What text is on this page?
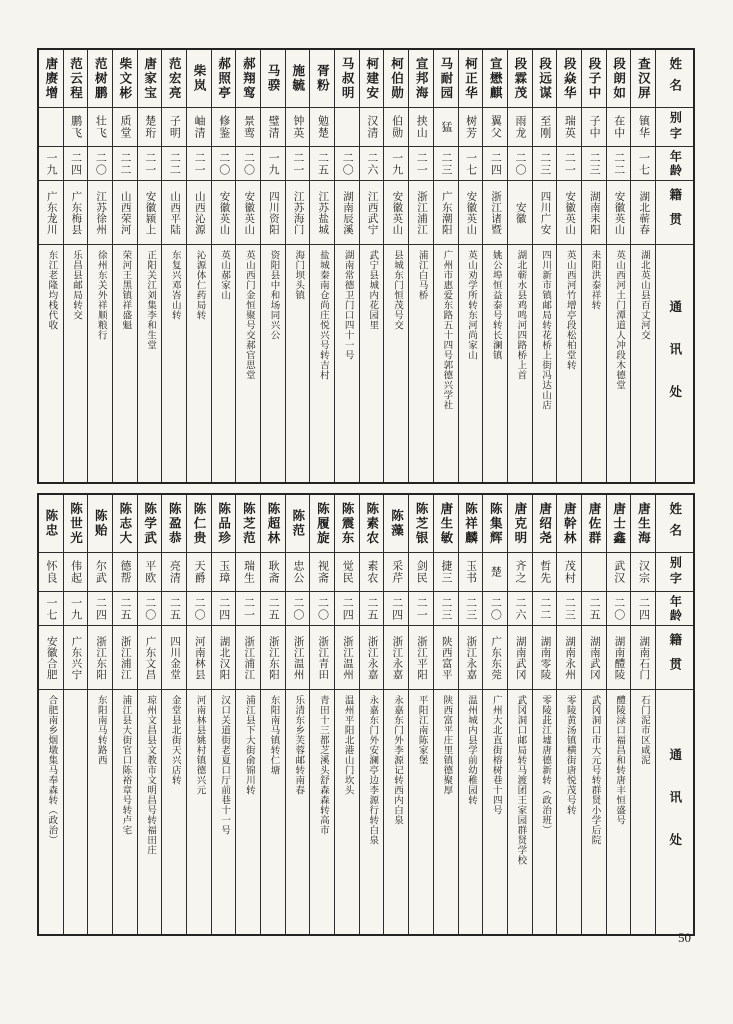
姓名
别字
年龄
籍贯
通讯处
查汉屏
镇华
一七
湖北蕲春
湖北英山县百丈河交
段朗如
在中
二二
安徽英山
英山西河土门潭道人冲段木德堂
段子中
子中
二三
湖南耒阳
耒阳洪泰祥转
段焱华
瑞英
二一
安徽英山
英山西河竹增亭段松柏堂转
段远谋
至刚
二三
四川广安
四川新市镇邮局转花桥上街冯达山店
段霖茂
雨龙
二〇
安徽
湖北蕲水县鸡鸣河四路桥上首
宣懋麒
翼父
二四
浙江诸暨
姚公埠恒益泰号转长澜镇
柯正华
树芳
一七
安徽英山
英山劝学所转东河尚家山
马耐园
猛
二三
广东潮阳
广州市惠爱东路五十四号郭德兴学社
宣邦海
挟山
二一
浙江浦江
浦江白马桥
柯伯勋
伯勋
一九
安徽英山
县城东门恒茂号交
柯建安
汉清
二六
江西武宁
武宁县城内花园里
马叔明
二〇
湖南辰溪
湖南常德卫门口四十一号
胥粉
勉楚
二五
江苏盐城
盐城秦南仓尚庄悦兴号转吉村
施毓
钟英
二一
江苏海门
海门坝头镇
马骙
璧清
一九
四川资阳
资阳县中和场同兴公
郝翔窎
景鸾
二〇
安徽英山
英山西门金恒聚号交郝官思堂
郝照亭
修鉴
二〇
安徽英山
英山郝家山
柴岚
岫清
二一
山西沁源
沁源体仁药局转
范宏亮
子明
二二
山西平陆
东复兴邓峇山转
唐家宝
楚珩
二一
安徽颍上
正阳关江刘集李和生堂
柴文彬
质堂
二二
山西荣河
荣河王黑镇祥盛魁
范树鹏
壮飞
二〇
江苏徐州
徐州东关外祥顺粮行
范云程
鹏飞
二四
广东梅县
乐昌县邮局转交
唐赓增
一九
广东龙川
东江老隆均栈代收
姓名
别字
年龄
籍贯
通讯处
唐生海
汉宗
二四
湖南石门
石门泥市区咸泥
唐士鑫
武汉
二〇
湖南醴陵
醴陵渌口福昌和转唐丰恒盛号
唐佐群
二五
湖南武冈
武冈洞口市大元号转群贤小学后院
唐幹林
茂村
二三
湖南永州
零陵黄汤镇横街唐悦茂号转
唐绍尧
哲先
二二
湖南零陵
零陵茈江墟唐德新转（政治班）
唐克明
齐之
二六
湖南武冈
武冈洞口邮局转马渡团王家园群贤学校
陈集辉
楚
二〇
广东东莞
广州大北直街榕树巷十四号
陈祥麟
玉书
二三
浙江永嘉
温州城内县学前幼稚园转
唐生敏
捷三
二三
陕西富平
陕西富平庄里镇德聚厚
陈芝银
剑民
二一
浙江平阳
平阳江南陈家堡
陈藻
采芹
二四
浙江永嘉
永嘉东门外李源记转西内白泉
陈素农
素农
二五
浙江永嘉
永嘉东门外安澜亭边李源行转白泉
陈震东
觉民
二四
浙江温州
温州平阳北港山门坎头
陈履旋
视斋
二〇
浙江青田
青田十三都芝溪头舒森森转高市
陈范
忠公
二〇
浙江温州
乐清东乡芙蓉邮转南春
陈超林
耿斋
二五
浙江东阳
东阳南马镇转仁塘
陈芝范
瑞生
二一
浙江浦江
浦江县下大街俞锦川转
陈品珍
玉璋
二四
湖北汉阳
汉口关道街老夏口厅前巷十一号
陈仁贵
天爵
二〇
河南林县
河南林县姚村镇德兴元
陈盈恭
亮清
二五
四川金堂
金堂县北街天兴店转
陈学武
平欧
二〇
广东文昌
琼州文昌县文教市文明昌号转福田庄
陈志大
德帮
二五
浙江浦江
浦江县大街官口陈裕章号转卢宅
陈贻
尔武
二四
浙江东阳
东阳南马转路西
陈世光
伟起
一九
广东兴宁
陈忠
怀良
一七
安徽合肥
合肥南乡烟墩集马奉森转（政治）
50
